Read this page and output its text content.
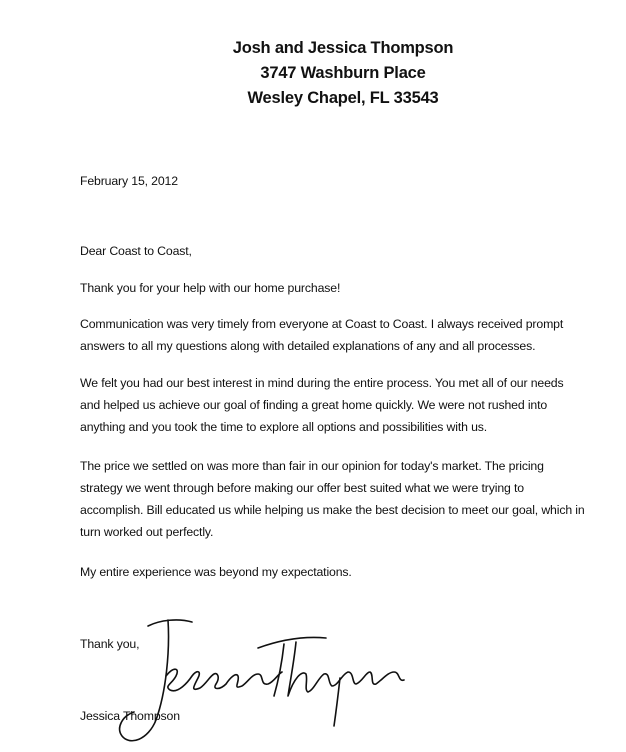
Josh and Jessica Thompson
3747 Washburn Place
Wesley Chapel, FL 33543
February 15, 2012
Dear Coast to Coast,
Thank you for your help with our home purchase!
Communication was very timely from everyone at Coast to Coast. I always received prompt
answers to all my questions along with detailed explanations of any and all processes.
We felt you had our best interest in mind during the entire process. You met all of our needs
and helped us achieve our goal of finding a great home quickly. We were not rushed into
anything and you took the time to explore all options and possibilities with us.
The price we settled on was more than fair in our opinion for today's market. The pricing
strategy we went through before making our offer best suited what we were trying to
accomplish. Bill educated us while helping us make the best decision to meet our goal, which in
turn worked out perfectly.
My entire experience was beyond my expectations.
Thank you,
Jessica Thompson
